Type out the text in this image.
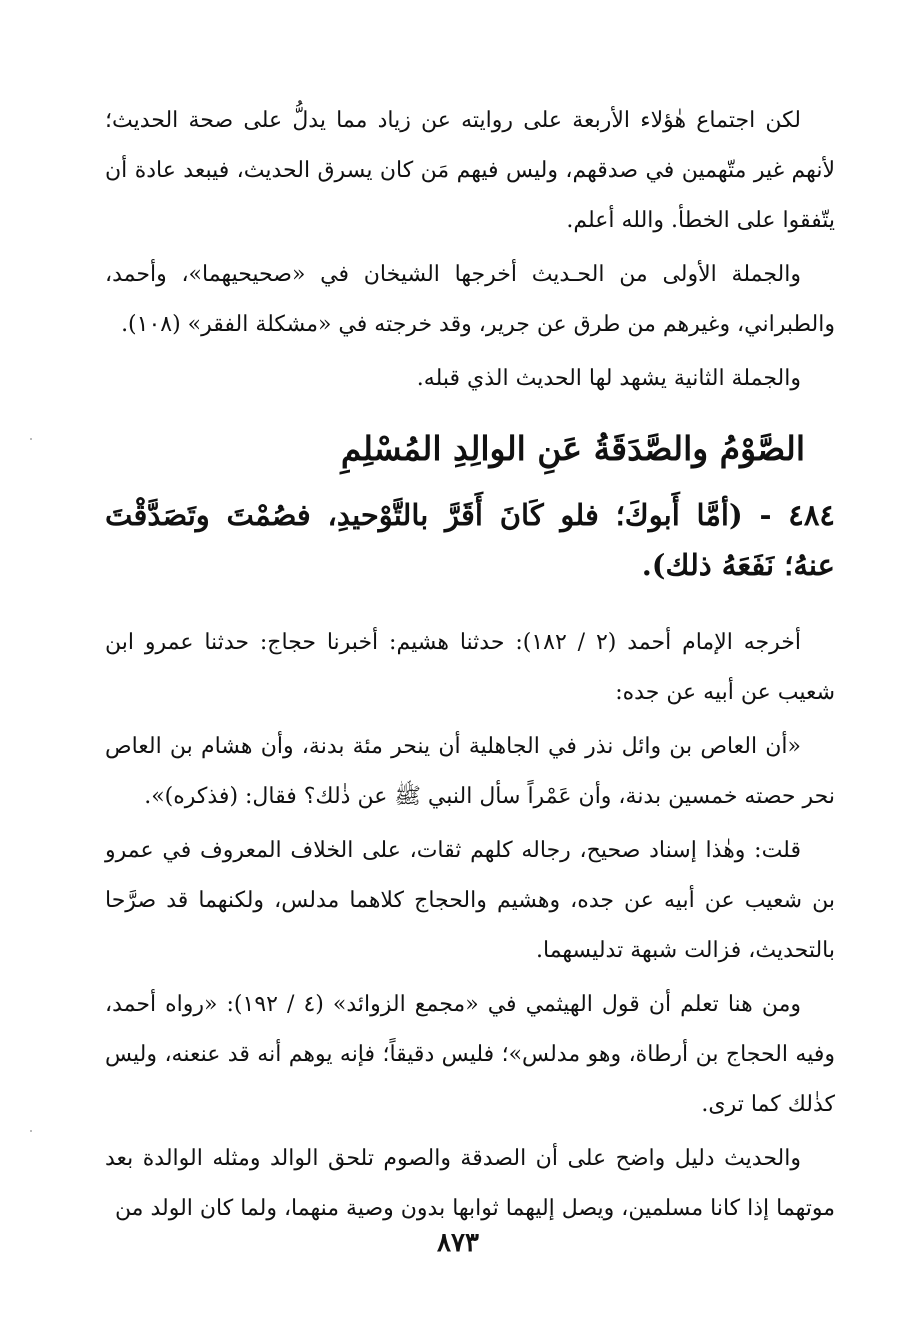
لكن اجتماع هٰؤلاء الأربعة على روايته عن زياد مما يدلُّ على صحة الحديث؛ لأنهم غير متّهمين في صدقهم، وليس فيهم مَن كان يسرق الحديث، فيبعد عادة أن يتّفقوا على الخطأ. والله أعلم.

والجملة الأولى من الحـديث أخرجها الشيخان في «صحيحيهما»، وأحمد، والطبراني، وغيرهم من طرق عن جرير، وقد خرجته في «مشكلة الفقر» (١٠٨).

والجملة الثانية يشهد لها الحديث الذي قبله.

الصَّوْمُ والصَّدَقَةُ عَنِ الوالِدِ المُسْلِمِ
٤٨٤ - (أمَّا أَبوكَ؛ فلو كَانَ أَقَرَّ بالتَّوْحيدِ، فصُمْتَ وتَصَدَّقْتَ عنهُ؛ نَفَعَهُ ذلك).

أخرجه الإمام أحمد (٢ / ١٨٢): حدثنا هشيم: أخبرنا حجاج: حدثنا عمرو ابن شعيب عن أبيه عن جده:

«أن العاص بن وائل نذر في الجاهلية أن ينحر مئة بدنة، وأن هشام بن العاص نحر حصته خمسين بدنة، وأن عَمْراً سأل النبي ﷺ عن ذٰلك؟ فقال: (فذكره)».

قلت: وهٰذا إسناد صحيح، رجاله كلهم ثقات، على الخلاف المعروف في عمرو بن شعيب عن أبيه عن جده، وهشيم والحجاج كلاهما مدلس، ولكنهما قد صرَّحا بالتحديث، فزالت شبهة تدليسهما.

ومن هنا تعلم أن قول الهيثمي في «مجمع الزوائد» (٤ / ١٩٢): «رواه أحمد، وفيه الحجاج بن أرطاة، وهو مدلس»؛ فليس دقيقاً؛ فإنه يوهم أنه قد عنعنه، وليس كذٰلك كما ترى.

والحديث دليل واضح على أن الصدقة والصوم تلحق الوالد ومثله الوالدة بعد موتهما إذا كانا مسلمين، ويصل إليهما ثوابها بدون وصية منهما، ولما كان الولد من

٨٧٣
